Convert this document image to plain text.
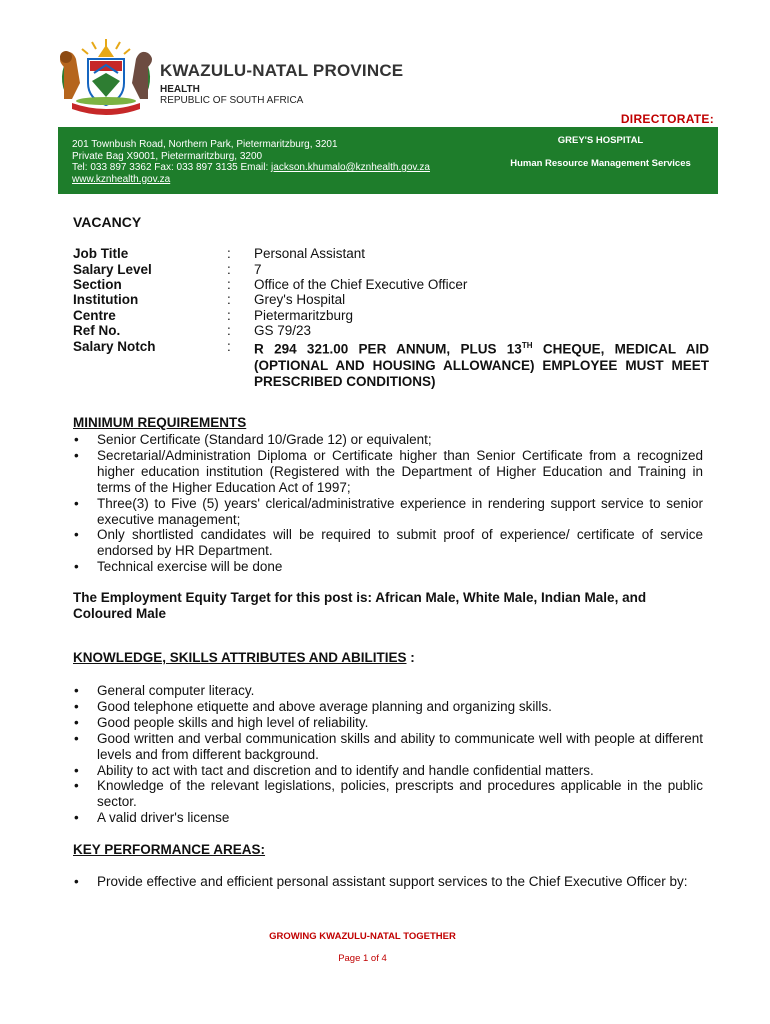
KWAZULU-NATAL PROVINCE
HEALTH
REPUBLIC OF SOUTH AFRICA
DIRECTORATE:
201 Townbush Road, Northern Park, Pietermaritzburg, 3201
Private Bag X9001, Pietermaritzburg, 3200
Tel: 033 897 3362 Fax: 033 897 3135 Email: jackson.khumalo@kznhealth.gov.za
www.kznhealth.gov.za
GREY'S HOSPITAL
Human Resource Management Services
VACANCY
Job Title	: Personal Assistant
Salary Level	: 7
Section	: Office of the Chief Executive Officer
Institution	: Grey's Hospital
Centre	: Pietermaritzburg
Ref No.	: GS 79/23
Salary Notch	: R 294 321.00 PER ANNUM, PLUS 13TH CHEQUE, MEDICAL AID (OPTIONAL AND HOUSING ALLOWANCE) EMPLOYEE MUST MEET PRESCRIBED CONDITIONS)
MINIMUM REQUIREMENTS
• Senior Certificate (Standard 10/Grade 12) or equivalent;
• Secretarial/Administration Diploma or Certificate higher than Senior Certificate from a recognized higher education institution (Registered with the Department of Higher Education and Training in terms of the Higher Education Act of 1997;
• Three(3) to Five (5) years' clerical/administrative experience in rendering support service to senior executive management;
• Only shortlisted candidates will be required to submit proof of experience/ certificate of service endorsed by HR Department.
• Technical exercise will be done
The Employment Equity Target for this post is: African Male, White Male, Indian Male, and Coloured Male
KNOWLEDGE, SKILLS ATTRIBUTES AND ABILITIES :
• General computer literacy.
• Good telephone etiquette and above average planning and organizing skills.
• Good people skills and high level of reliability.
• Good written and verbal communication skills and ability to communicate well with people at different levels and from different background.
• Ability to act with tact and discretion and to identify and handle confidential matters.
• Knowledge of the relevant legislations, policies, prescripts and procedures applicable in the public sector.
• A valid driver's license
KEY PERFORMANCE AREAS:
• Provide effective and efficient personal assistant support services to the Chief Executive Officer by:
GROWING KWAZULU-NATAL TOGETHER
Page 1 of 4
